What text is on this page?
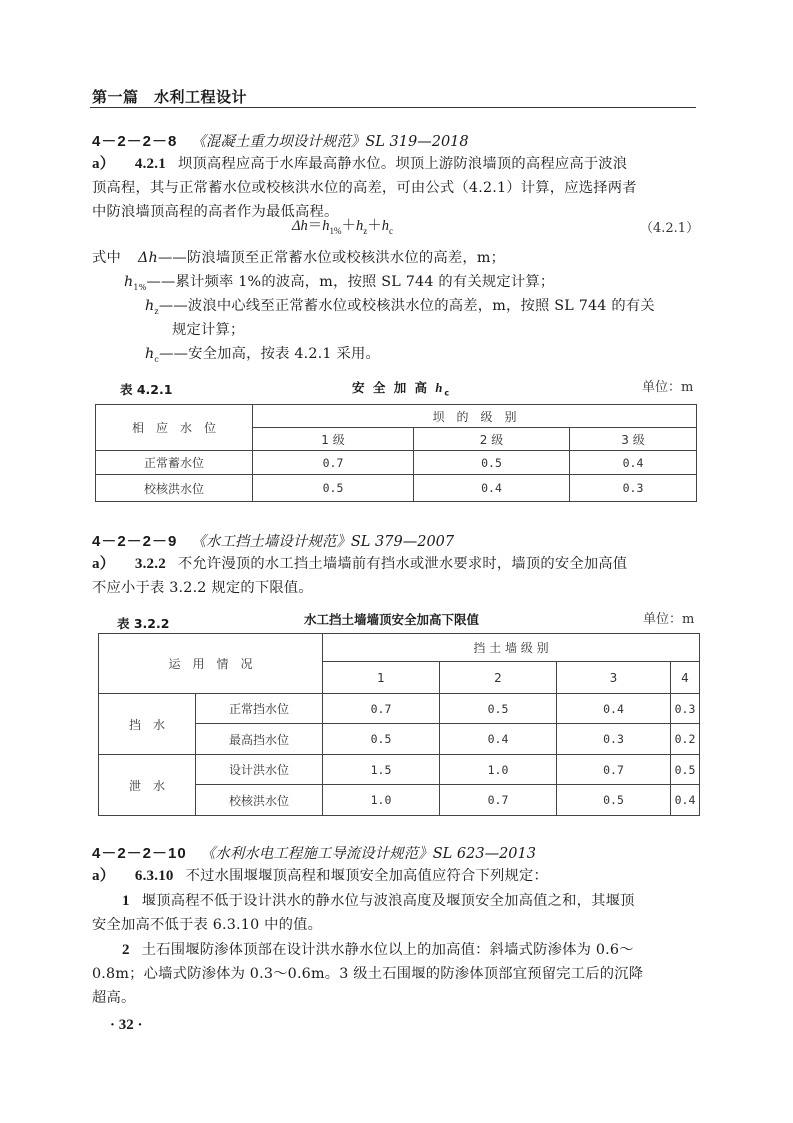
第一篇　水利工程设计
4－2－2－8 《混凝土重力坝设计规范》SL 319—2018
a） 4.2.1 坝顶高程应高于水库最高静水位。坝顶上游防浪墙顶的高程应高于波浪
顶高程，其与正常蓄水位或校核洪水位的高差，可由公式（4.2.1）计算，应选择两者
中防浪墙顶高程的高者作为最低高程。
$\Delta h=h_{1\%}+h_z+h_c$	（4.2.1）
式中 Δh——防浪墙顶至正常蓄水位或校核洪水位的高差，m；
$h_{1\%}——$累计频率 1%的波高，m，按照 SL 744 的有关规定计算；
$h_z——$波浪中心线至正常蓄水位或校核洪水位的高差，m，按照 SL 744 的有关
规定计算；
$h_c——$安全加高，按表 4.2.1 采用。
表 4.2.1	安 全 加 高 $h_c$	单位：m
相　应　水　位	坝　的　级　别		
	1 级	2 级	3 级
正常蓄水位	0.7	0.5	0.4
校核洪水位	0.5	0.4	0.3
4－2－2－9 《水工挡土墙设计规范》SL 379—2007
a） 3.2.2 不允许漫顶的水工挡土墙墙前有挡水或泄水要求时，墙顶的安全加高值
不应小于表 3.2.2 规定的下限值。
表 3.2.2	水工挡土墙墙顶安全加高下限值	单位：m
运　用　情　况		挡 土 墙 级 别			
		1	2	3	4
挡　水	正常挡水位	0.7	0.5	0.4	0.3
	最高挡水位	0.5	0.4	0.3	0.2
泄　水	设计洪水位	1.5	1.0	0.7	0.5
	校核洪水位	1.0	0.7	0.5	0.4
4－2－2－10 《水利水电工程施工导流设计规范》SL 623—2013
a） 6.3.10 不过水围堰堰顶高程和堰顶安全加高值应符合下列规定：
1 堰顶高程不低于设计洪水的静水位与波浪高度及堰顶安全加高值之和，其堰顶
安全加高不低于表 6.3.10 中的值。
2 土石围堰防渗体顶部在设计洪水静水位以上的加高值：斜墙式防渗体为 0.6～
0.8m；心墙式防渗体为 0.3～0.6m。3 级土石围堰的防渗体顶部宜预留完工后的沉降
超高。
· 32 ·
